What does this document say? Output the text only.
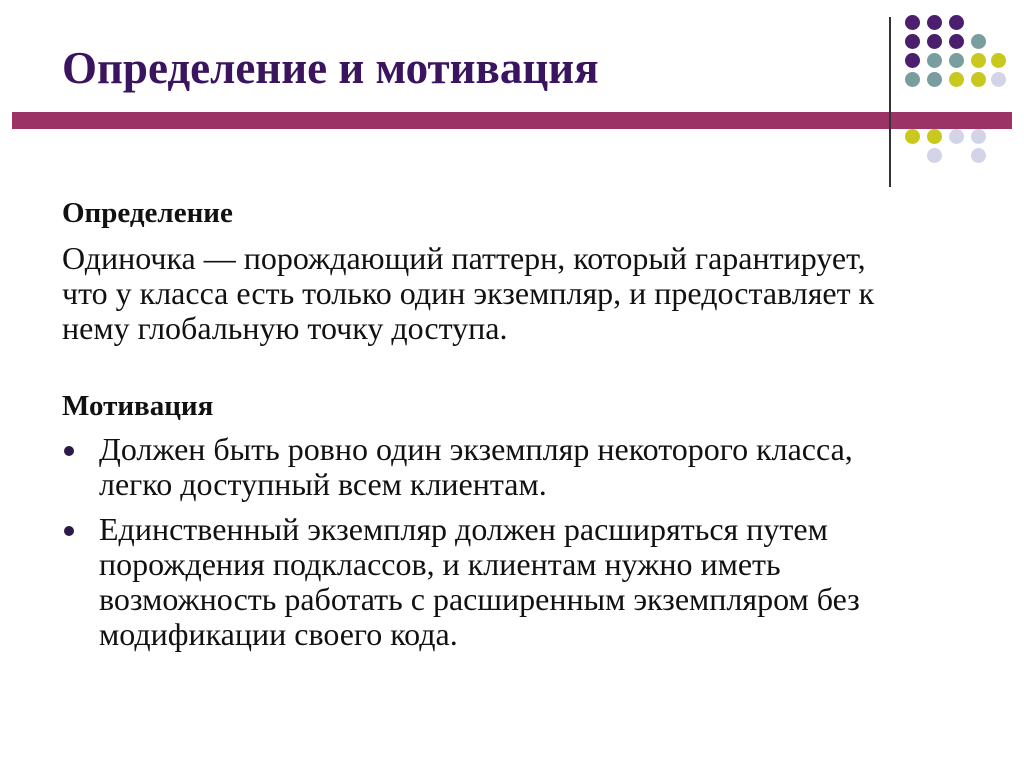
Определение и мотивация

Определение

Одиночка — порождающий паттерн, который гарантирует, что у класса есть только один экземпляр, и предоставляет к нему глобальную точку доступа.

Мотивация

Должен быть ровно один экземпляр некоторого класса, легко доступный всем клиентам.
Единственный экземпляр должен расширяться путем порождения подклассов, и клиентам нужно иметь возможность работать с расширенным экземпляром без модификации своего кода.
